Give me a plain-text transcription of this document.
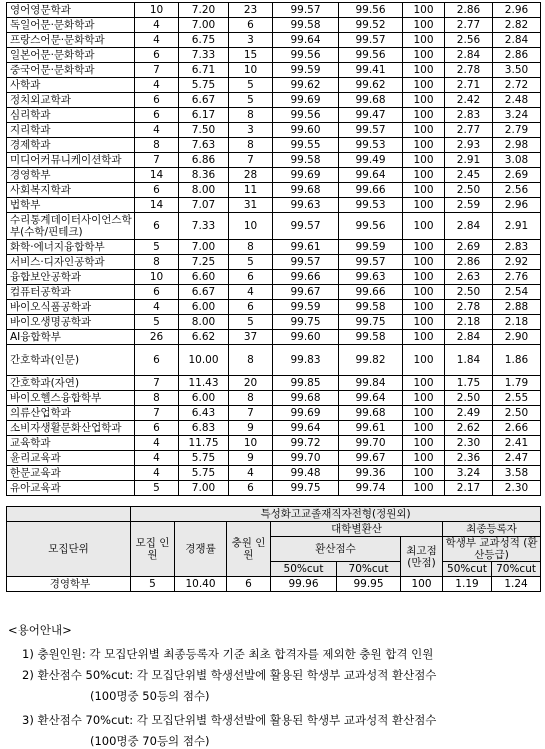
영어영문학과	10	7.20	23	99.57	99.56	100	2.86	2.96
독일어문·문화학과	4	7.00	6	99.58	99.52	100	2.77	2.82
프랑스어문·문화학과	4	6.75	3	99.64	99.57	100	2.56	2.84
일본어문·문화학과	6	7.33	15	99.56	99.56	100	2.84	2.86
중국어문·문화학과	7	6.71	10	99.59	99.41	100	2.78	3.50
사학과	4	5.75	5	99.62	99.62	100	2.71	2.72
정치외교학과	6	6.67	5	99.69	99.68	100	2.42	2.48
심리학과	6	6.17	8	99.56	99.47	100	2.83	3.24
지리학과	4	7.50	3	99.60	99.57	100	2.77	2.79
경제학과	8	7.63	8	99.55	99.53	100	2.93	2.98
미디어커뮤니케이션학과	7	6.86	7	99.58	99.49	100	2.91	3.08
경영학부	14	8.36	28	99.69	99.64	100	2.45	2.69
사회복지학과	6	8.00	11	99.68	99.66	100	2.50	2.56
법학부	14	7.07	31	99.63	99.53	100	2.59	2.96
수리통계데이터사이언스학부(수학/핀테크)	6	7.33	10	99.57	99.56	100	2.84	2.91
화학·에너지융합학부	5	7.00	8	99.61	99.59	100	2.69	2.83
서비스·디자인공학과	8	7.25	5	99.57	99.57	100	2.86	2.92
융합보안공학과	10	6.60	6	99.66	99.63	100	2.63	2.76
컴퓨터공학과	6	6.67	4	99.67	99.66	100	2.50	2.54
바이오식품공학과	4	6.00	6	99.59	99.58	100	2.78	2.88
바이오생명공학과	5	8.00	5	99.75	99.75	100	2.18	2.18
AI융합학부	26	6.62	37	99.60	99.58	100	2.84	2.90
간호학과(인문)	6	10.00	8	99.83	99.82	100	1.84	1.86
간호학과(자연)	7	11.43	20	99.85	99.84	100	1.75	1.79
바이오헬스융합학부	8	6.00	8	99.68	99.64	100	2.50	2.55
의류산업학과	7	6.43	7	99.69	99.68	100	2.49	2.50
소비자생활문화산업학과	6	6.83	9	99.64	99.61	100	2.62	2.66
교육학과	4	11.75	10	99.72	99.70	100	2.30	2.41
윤리교육과	4	5.75	9	99.70	99.67	100	2.36	2.47
한문교육과	4	5.75	4	99.48	99.36	100	3.24	3.58
유아교육과	5	7.00	6	99.75	99.74	100	2.17	2.30
	특성화고교졸재직자전형(정원외)							
모집단위	모집 인원	경쟁률	충원 인원	대학별환산			최종등록자	
				환산점수		최고점 (만점)		
							학생부 교과성적 (환산등급)	
				50%cut	70%cut		50%cut	70%cut
경영학부	5	10.40	6	99.96	99.95	100	1.19	1.24
<용어안내>
1) 충원인원: 각 모집단위별 최종등록자 기준 최초 합격자를 제외한 충원 합격 인원
2) 환산점수 50%cut: 각 모집단위별 학생선발에 활용된 학생부 교과성적 환산점수
(100명중 50등의 점수)
3) 환산점수 70%cut: 각 모집단위별 학생선발에 활용된 학생부 교과성적 환산점수
(100명중 70등의 점수)
